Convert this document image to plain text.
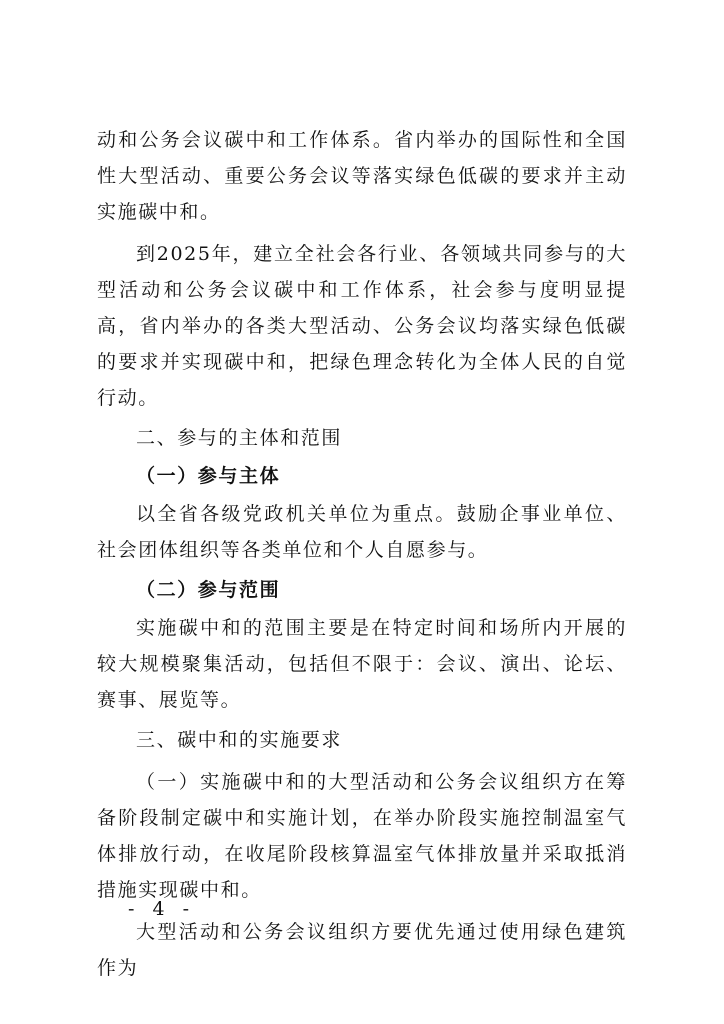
动和公务会议碳中和工作体系。省内举办的国际性和全国性大型活动、重要公务会议等落实绿色低碳的要求并主动实施碳中和。

到2025年，建立全社会各行业、各领域共同参与的大型活动和公务会议碳中和工作体系，社会参与度明显提高，省内举办的各类大型活动、公务会议均落实绿色低碳的要求并实现碳中和，把绿色理念转化为全体人民的自觉行动。

二、参与的主体和范围

（一）参与主体

以全省各级党政机关单位为重点。鼓励企事业单位、社会团体组织等各类单位和个人自愿参与。

（二）参与范围

实施碳中和的范围主要是在特定时间和场所内开展的较大规模聚集活动，包括但不限于：会议、演出、论坛、赛事、展览等。

三、碳中和的实施要求

（一）实施碳中和的大型活动和公务会议组织方在筹备阶段制定碳中和实施计划，在举办阶段实施控制温室气体排放行动，在收尾阶段核算温室气体排放量并采取抵消措施实现碳中和。

大型活动和公务会议组织方要优先通过使用绿色建筑作为

- 4 -
